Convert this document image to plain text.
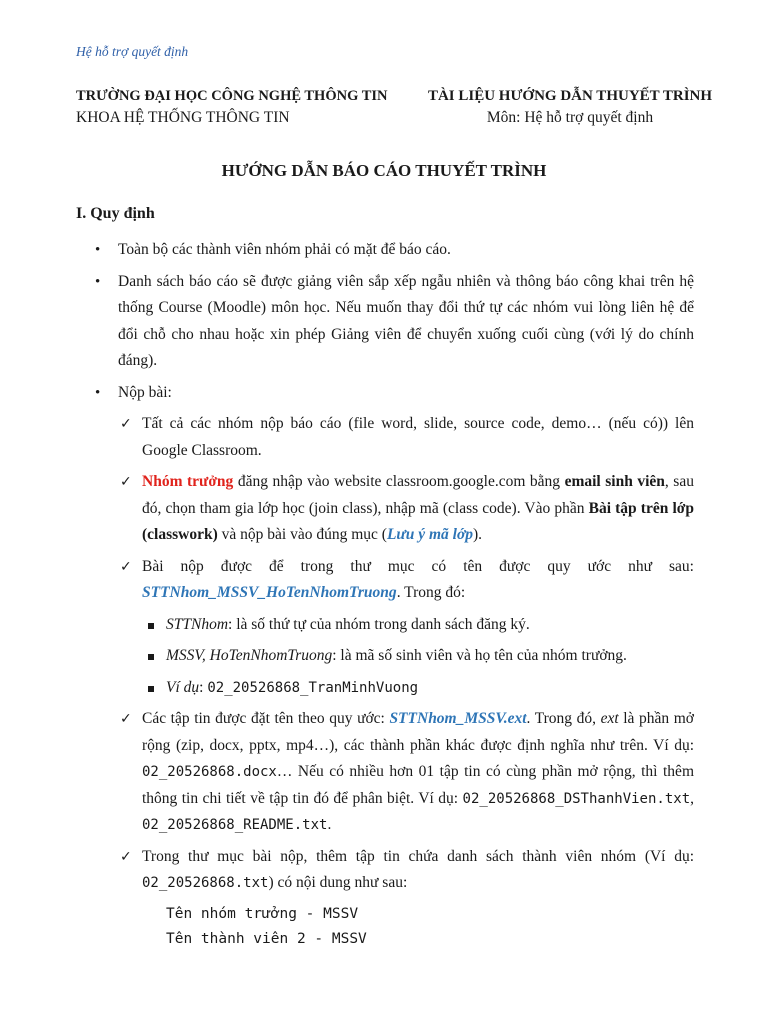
Hệ hỗ trợ quyết định
TRƯỜNG ĐẠI HỌC CÔNG NGHỆ THÔNG TIN
KHOA HỆ THỐNG THÔNG TIN
TÀI LIỆU HƯỚNG DẪN THUYẾT TRÌNH
Môn: Hệ hỗ trợ quyết định
HƯỚNG DẪN BÁO CÁO THUYẾT TRÌNH
I. Quy định
• Toàn bộ các thành viên nhóm phải có mặt để báo cáo.
• Danh sách báo cáo sẽ được giảng viên sắp xếp ngẫu nhiên và thông báo công khai trên hệ thống Course (Moodle) môn học. Nếu muốn thay đổi thứ tự các nhóm vui lòng liên hệ để đổi chỗ cho nhau hoặc xin phép Giảng viên để chuyển xuống cuối cùng (với lý do chính đáng).
• Nộp bài:
✓ Tất cả các nhóm nộp báo cáo (file word, slide, source code, demo… (nếu có)) lên Google Classroom.
✓ Nhóm trưởng đăng nhập vào website classroom.google.com bằng email sinh viên, sau đó, chọn tham gia lớp học (join class), nhập mã (class code). Vào phần Bài tập trên lớp (classwork) và nộp bài vào đúng mục (Lưu ý mã lớp).
✓ Bài nộp được để trong thư mục có tên được quy ước như sau: STTNhom_MSSV_HoTenNhomTruong. Trong đó:
STTNhom: là số thứ tự của nhóm trong danh sách đăng ký.
MSSV, HoTenNhomTruong: là mã số sinh viên và họ tên của nhóm trưởng.
Ví dụ: 02_20526868_TranMinhVuong
✓ Các tập tin được đặt tên theo quy ước: STTNhom_MSSV.ext. Trong đó, ext là phần mở rộng (zip, docx, pptx, mp4…), các thành phần khác được định nghĩa như trên. Ví dụ: 02_20526868.docx… Nếu có nhiều hơn 01 tập tin có cùng phần mở rộng, thì thêm thông tin chi tiết về tập tin đó để phân biệt. Ví dụ: 02_20526868_DSThanhVien.txt, 02_20526868_README.txt.
✓ Trong thư mục bài nộp, thêm tập tin chứa danh sách thành viên nhóm (Ví dụ: 02_20526868.txt) có nội dung như sau:
Tên nhóm trưởng - MSSV
Tên thành viên 2 - MSSV
